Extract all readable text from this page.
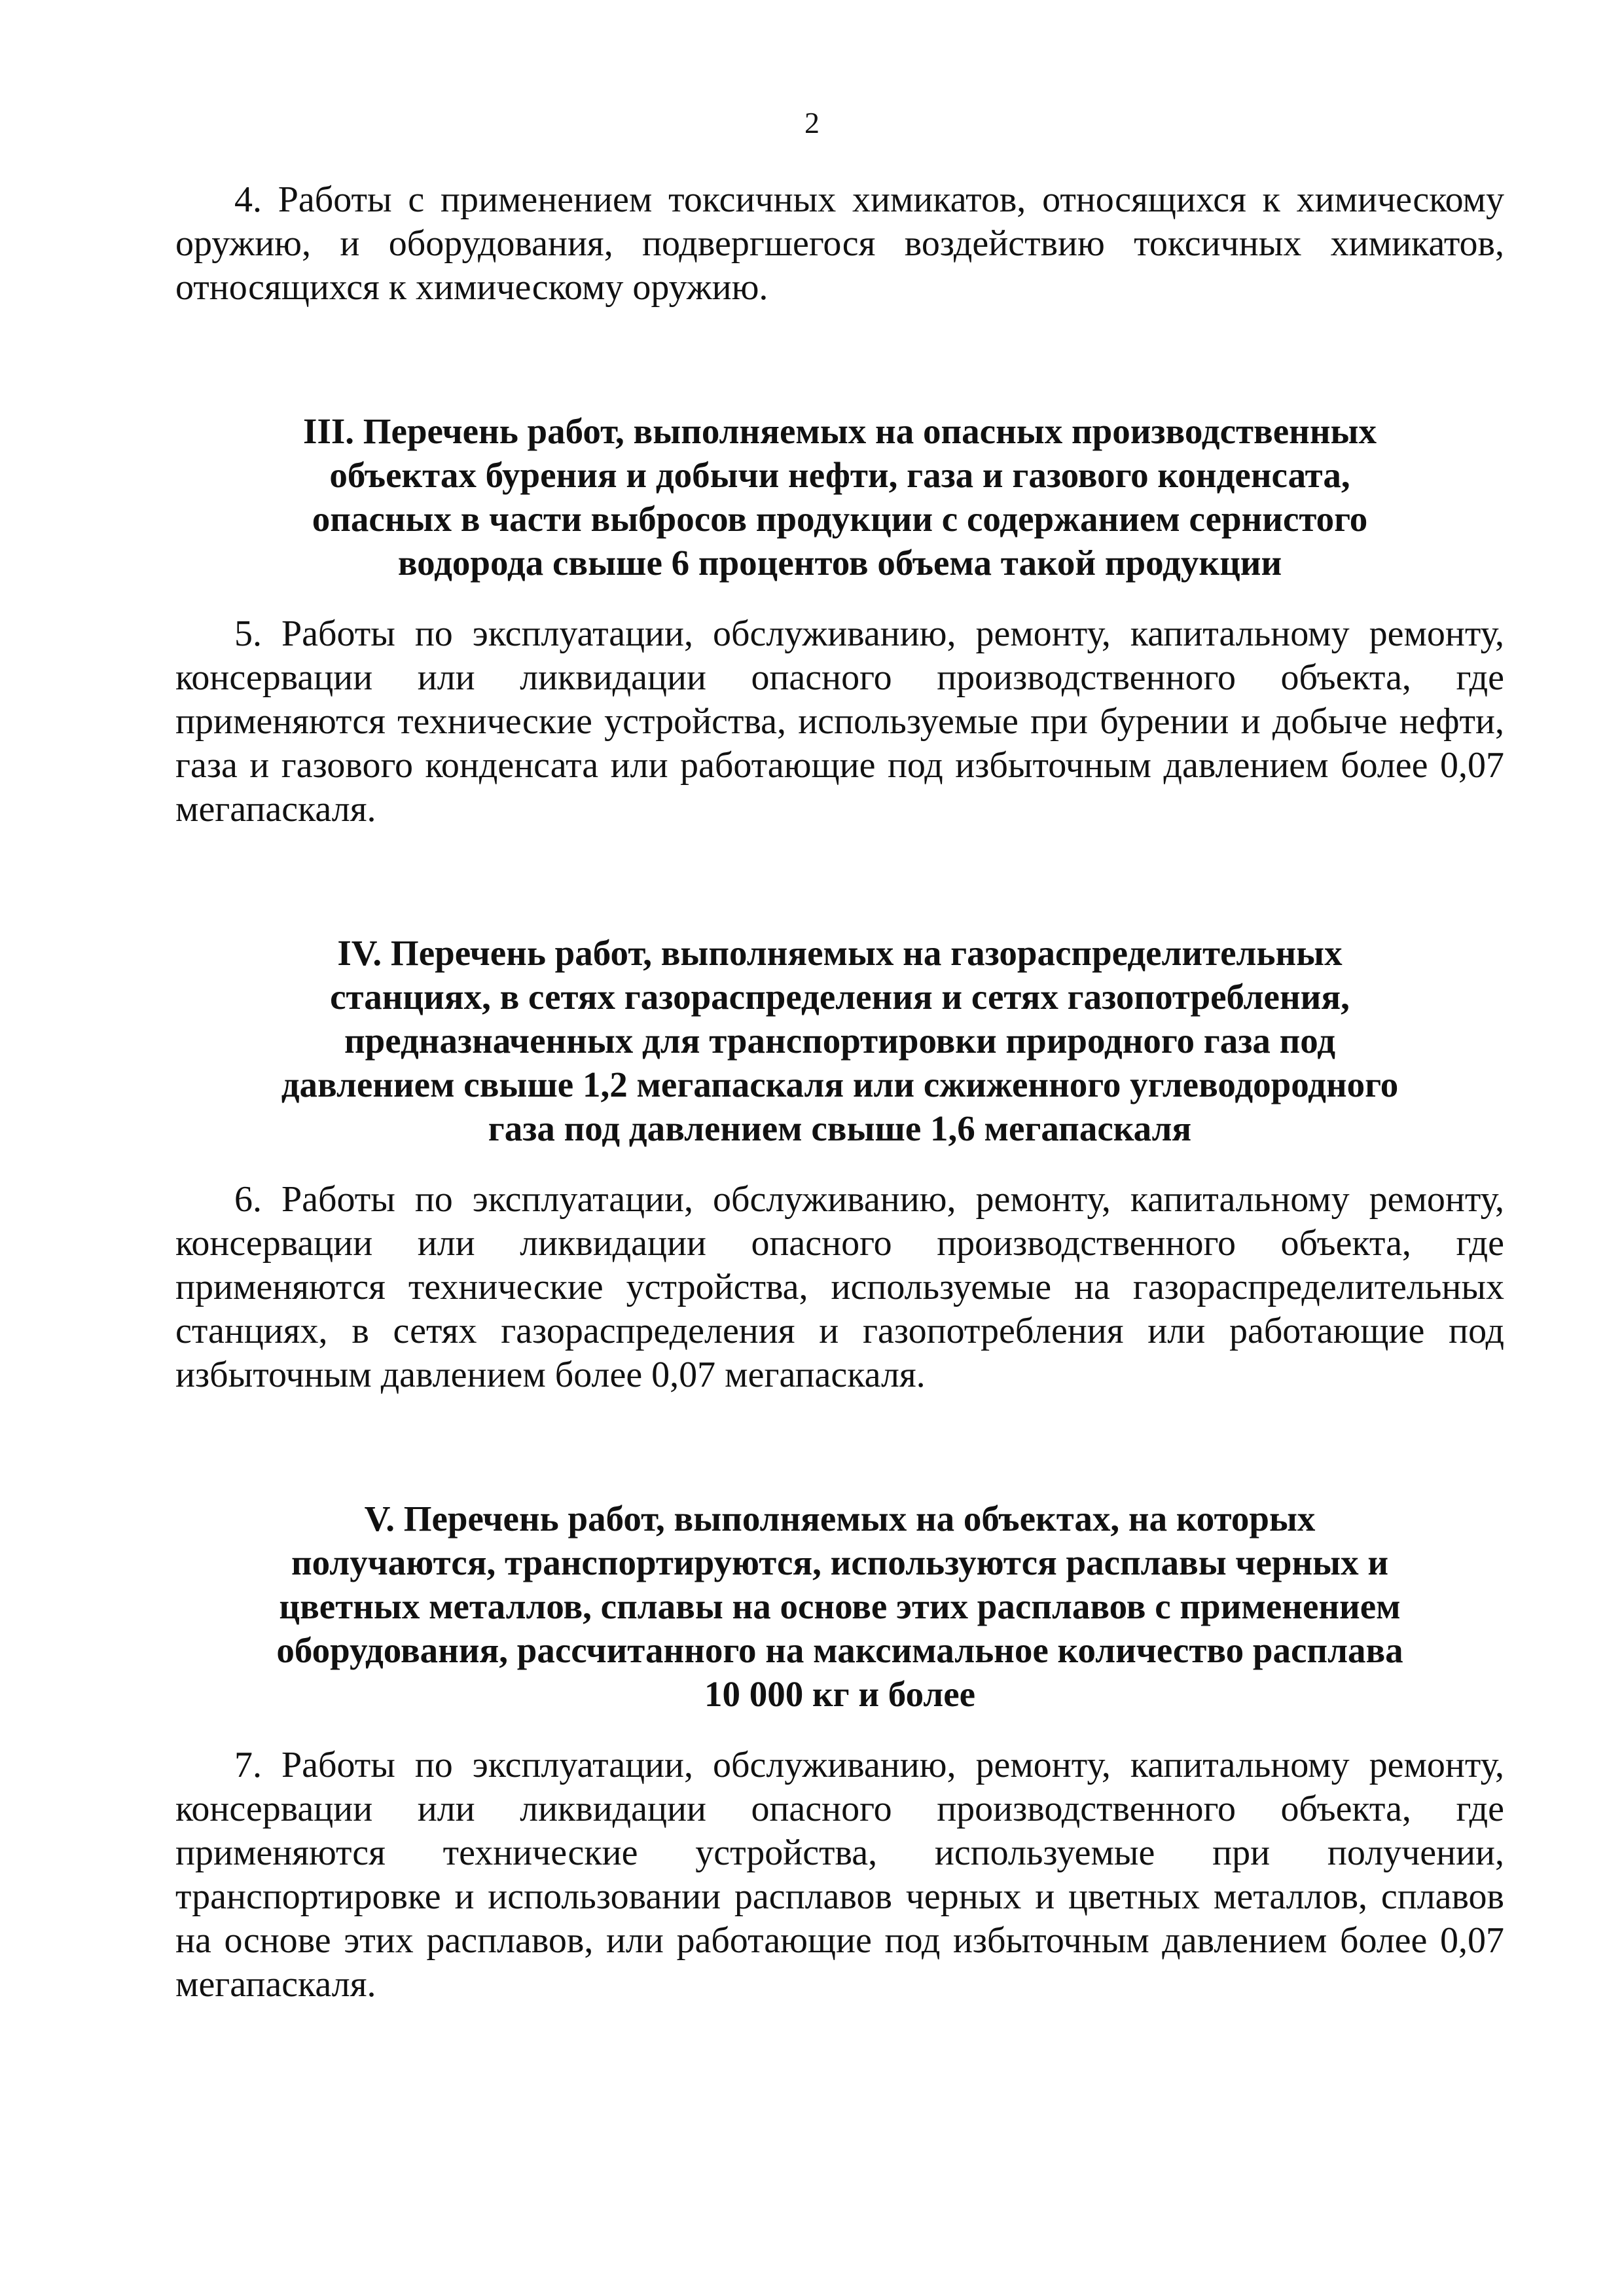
2

4. Работы с применением токсичных химикатов, относящихся к химическому оружию, и оборудования, подвергшегося воздействию токсичных химикатов, относящихся к химическому оружию.

III. Перечень работ, выполняемых на опасных производственных
объектах бурения и добычи нефти, газа и газового конденсата,
опасных в части выбросов продукции с содержанием сернистого
водорода свыше 6 процентов объема такой продукции

5. Работы по эксплуатации, обслуживанию, ремонту, капитальному ремонту, консервации или ликвидации опасного производственного объекта, где применяются технические устройства, используемые при бурении и добыче нефти, газа и газового конденсата или работающие под избыточным давлением более 0,07 мегапаскаля.

IV. Перечень работ, выполняемых на газораспределительных
станциях, в сетях газораспределения и сетях газопотребления,
предназначенных для транспортировки природного газа под
давлением свыше 1,2 мегапаскаля или сжиженного углеводородного
газа под давлением свыше 1,6 мегапаскаля

6. Работы по эксплуатации, обслуживанию, ремонту, капитальному ремонту, консервации или ликвидации опасного производственного объекта, где применяются технические устройства, используемые на газораспределительных станциях, в сетях газораспределения и газопотребления или работающие под избыточным давлением более 0,07 мегапаскаля.

V. Перечень работ, выполняемых на объектах, на которых
получаются, транспортируются, используются расплавы черных и
цветных металлов, сплавы на основе этих расплавов с применением
оборудования, рассчитанного на максимальное количество расплава
10 000 кг и более

7. Работы по эксплуатации, обслуживанию, ремонту, капитальному ремонту, консервации или ликвидации опасного производственного объекта, где применяются технические устройства, используемые при получении, транспортировке и использовании расплавов черных и цветных металлов, сплавов на основе этих расплавов, или работающие под избыточным давлением более 0,07 мегапаскаля.
